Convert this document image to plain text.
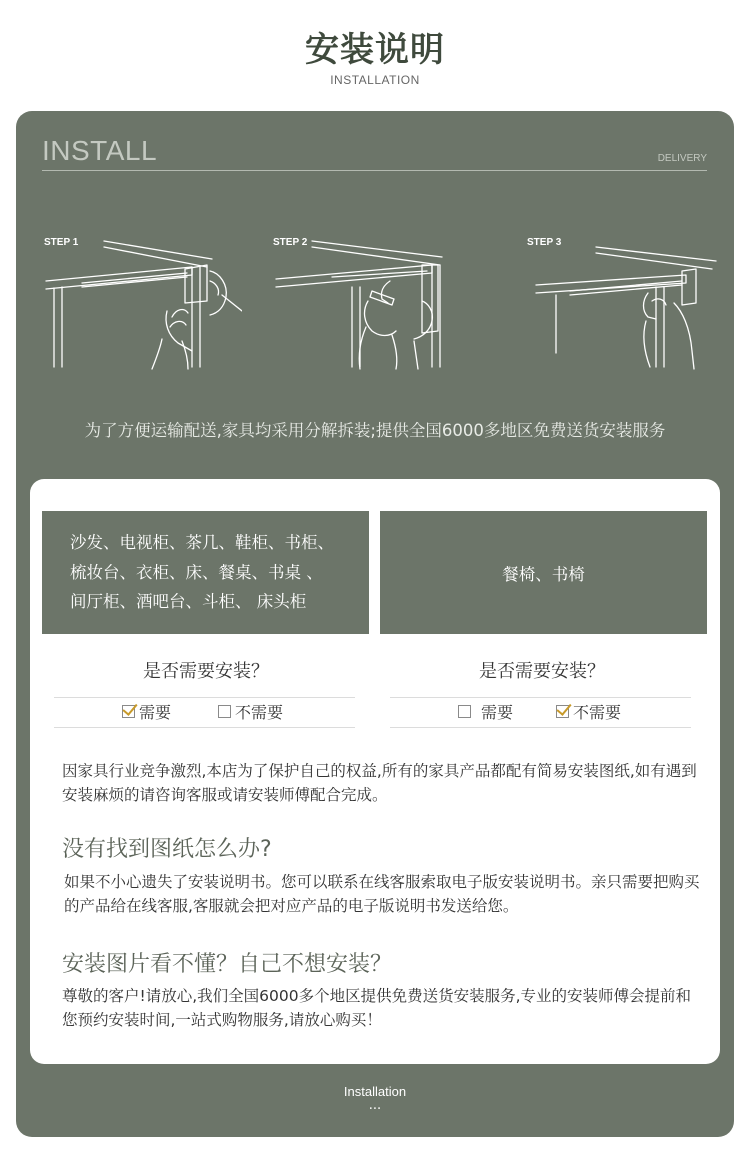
安装说明
INSTALLATION
INSTALL	DELIVERY
STEP 1	STEP 2	STEP 3
为了方便运输配送,家具均采用分解拆装;提供全国6000多地区免费送货安装服务
沙发、电视柜、茶几、鞋柜、书柜、
梳妆台、衣柜、床、餐桌、书桌 、
间厅柜、酒吧台、斗柜、 床头柜
餐椅、书椅
是否需要安装？
需要	不需要
是否需要安装？
需要	不需要
因家具行业竞争激烈,本店为了保护自己的权益,所有的家具产品都配有简易安装图纸,如有遇到安装麻烦的请咨询客服或请安装师傅配合完成。
没有找到图纸怎么办?
如果不小心遗失了安装说明书。您可以联系在线客服索取电子版安装说明书。亲只需要把购买的产品给在线客服,客服就会把对应产品的电子版说明书发送给您。
安装图片看不懂？自己不想安装？
尊敬的客户!请放心,我们全国6000多个地区提供免费送货安装服务,专业的安装师傅会提前和您预约安装时间,一站式购物服务,请放心购买！
Installation
...
